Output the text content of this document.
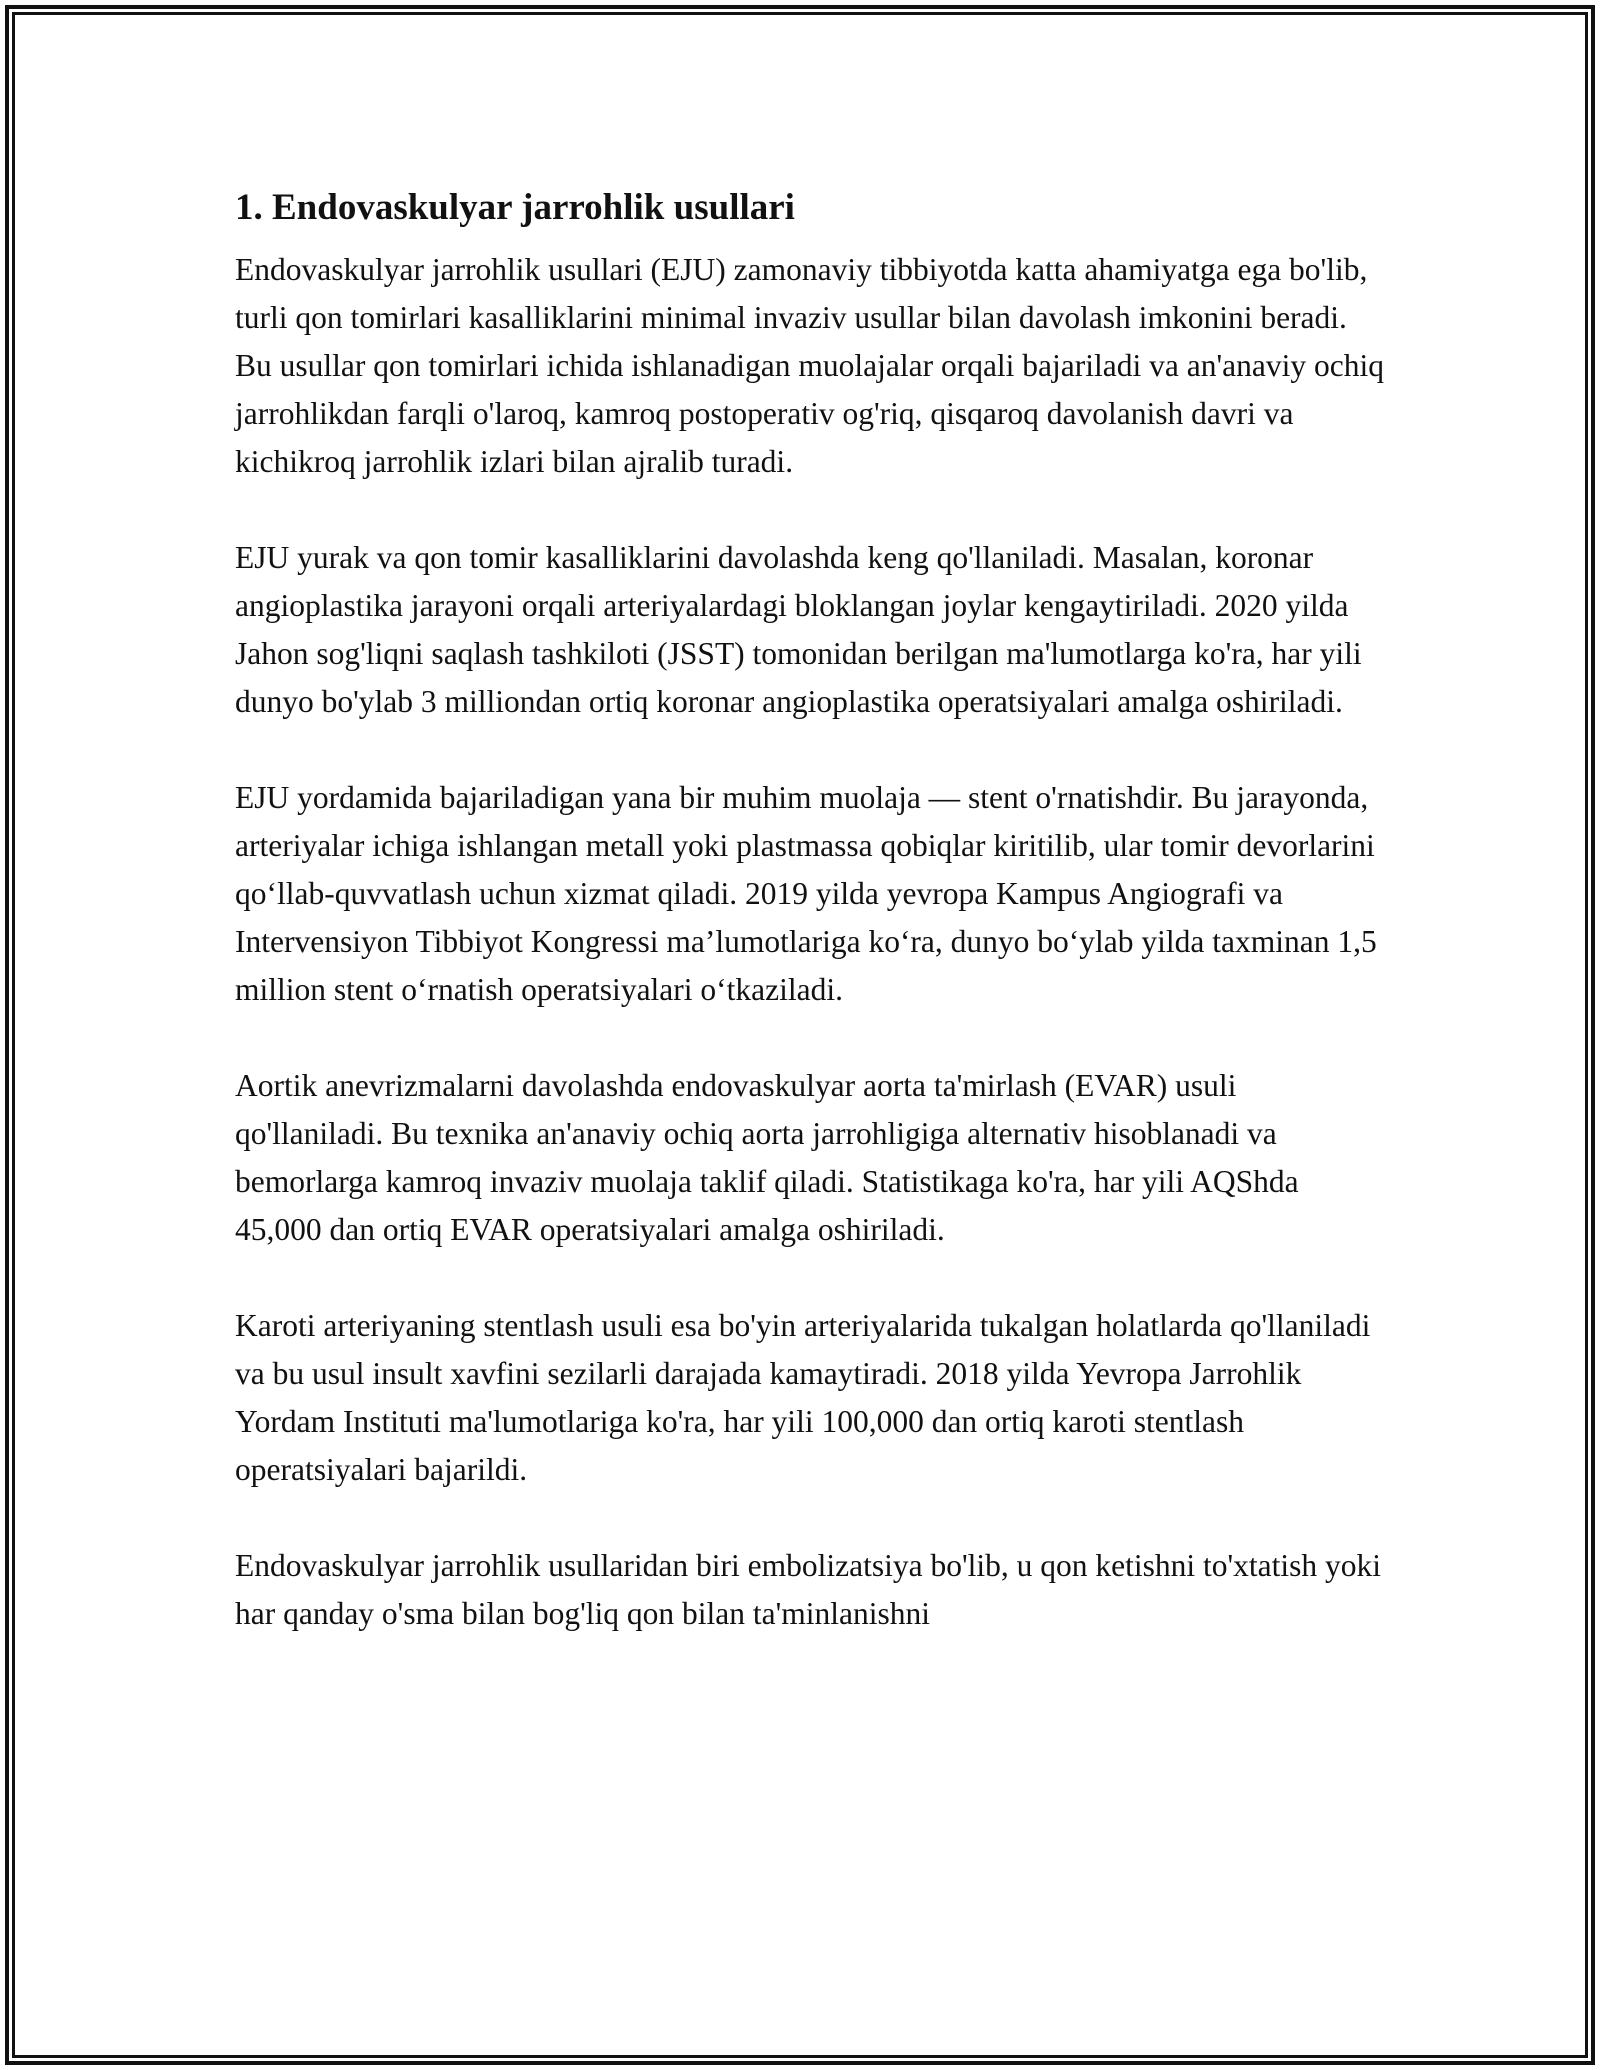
1. Endovaskulyar jarrohlik usullari

Endovaskulyar jarrohlik usullari (EJU) zamonaviy tibbiyotda katta ahamiyatga ega bo'lib, turli qon tomirlari kasalliklarini minimal invaziv usullar bilan davolash imkonini beradi. Bu usullar qon tomirlari ichida ishlanadigan muolajalar orqali bajariladi va an'anaviy ochiq jarrohlikdan farqli o'laroq, kamroq postoperativ og'riq, qisqaroq davolanish davri va kichikroq jarrohlik izlari bilan ajralib turadi.

EJU yurak va qon tomir kasalliklarini davolashda keng qo'llaniladi. Masalan, koronar angioplastika jarayoni orqali arteriyalardagi bloklangan joylar kengaytiriladi. 2020 yilda Jahon sog'liqni saqlash tashkiloti (JSST) tomonidan berilgan ma'lumotlarga ko'ra, har yili dunyo bo'ylab 3 milliondan ortiq koronar angioplastika operatsiyalari amalga oshiriladi.

EJU yordamida bajariladigan yana bir muhim muolaja — stent o'rnatishdir. Bu jarayonda, arteriyalar ichiga ishlangan metall yoki plastmassa qobiqlar kiritilib, ular tomir devorlarini qo‘llab-quvvatlash uchun xizmat qiladi. 2019 yilda yevropa Kampus Angiografi va Intervensiyon Tibbiyot Kongressi ma’lumotlariga ko‘ra, dunyo bo‘ylab yilda taxminan 1,5 million stent o‘rnatish operatsiyalari o‘tkaziladi.

Aortik anevrizmalarni davolashda endovaskulyar aorta ta'mirlash (EVAR) usuli qo'llaniladi. Bu texnika an'anaviy ochiq aorta jarrohligiga alternativ hisoblanadi va bemorlarga kamroq invaziv muolaja taklif qiladi. Statistikaga ko'ra, har yili AQShda 45,000 dan ortiq EVAR operatsiyalari amalga oshiriladi.

Karoti arteriyaning stentlash usuli esa bo'yin arteriyalarida tukalgan holatlarda qo'llaniladi va bu usul insult xavfini sezilarli darajada kamaytiradi. 2018 yilda Yevropa Jarrohlik Yordam Instituti ma'lumotlariga ko'ra, har yili 100,000 dan ortiq karoti stentlash operatsiyalari bajarildi.

Endovaskulyar jarrohlik usullaridan biri embolizatsiya bo'lib, u qon ketishni to'xtatish yoki har qanday o'sma bilan bog'liq qon bilan ta'minlanishni
